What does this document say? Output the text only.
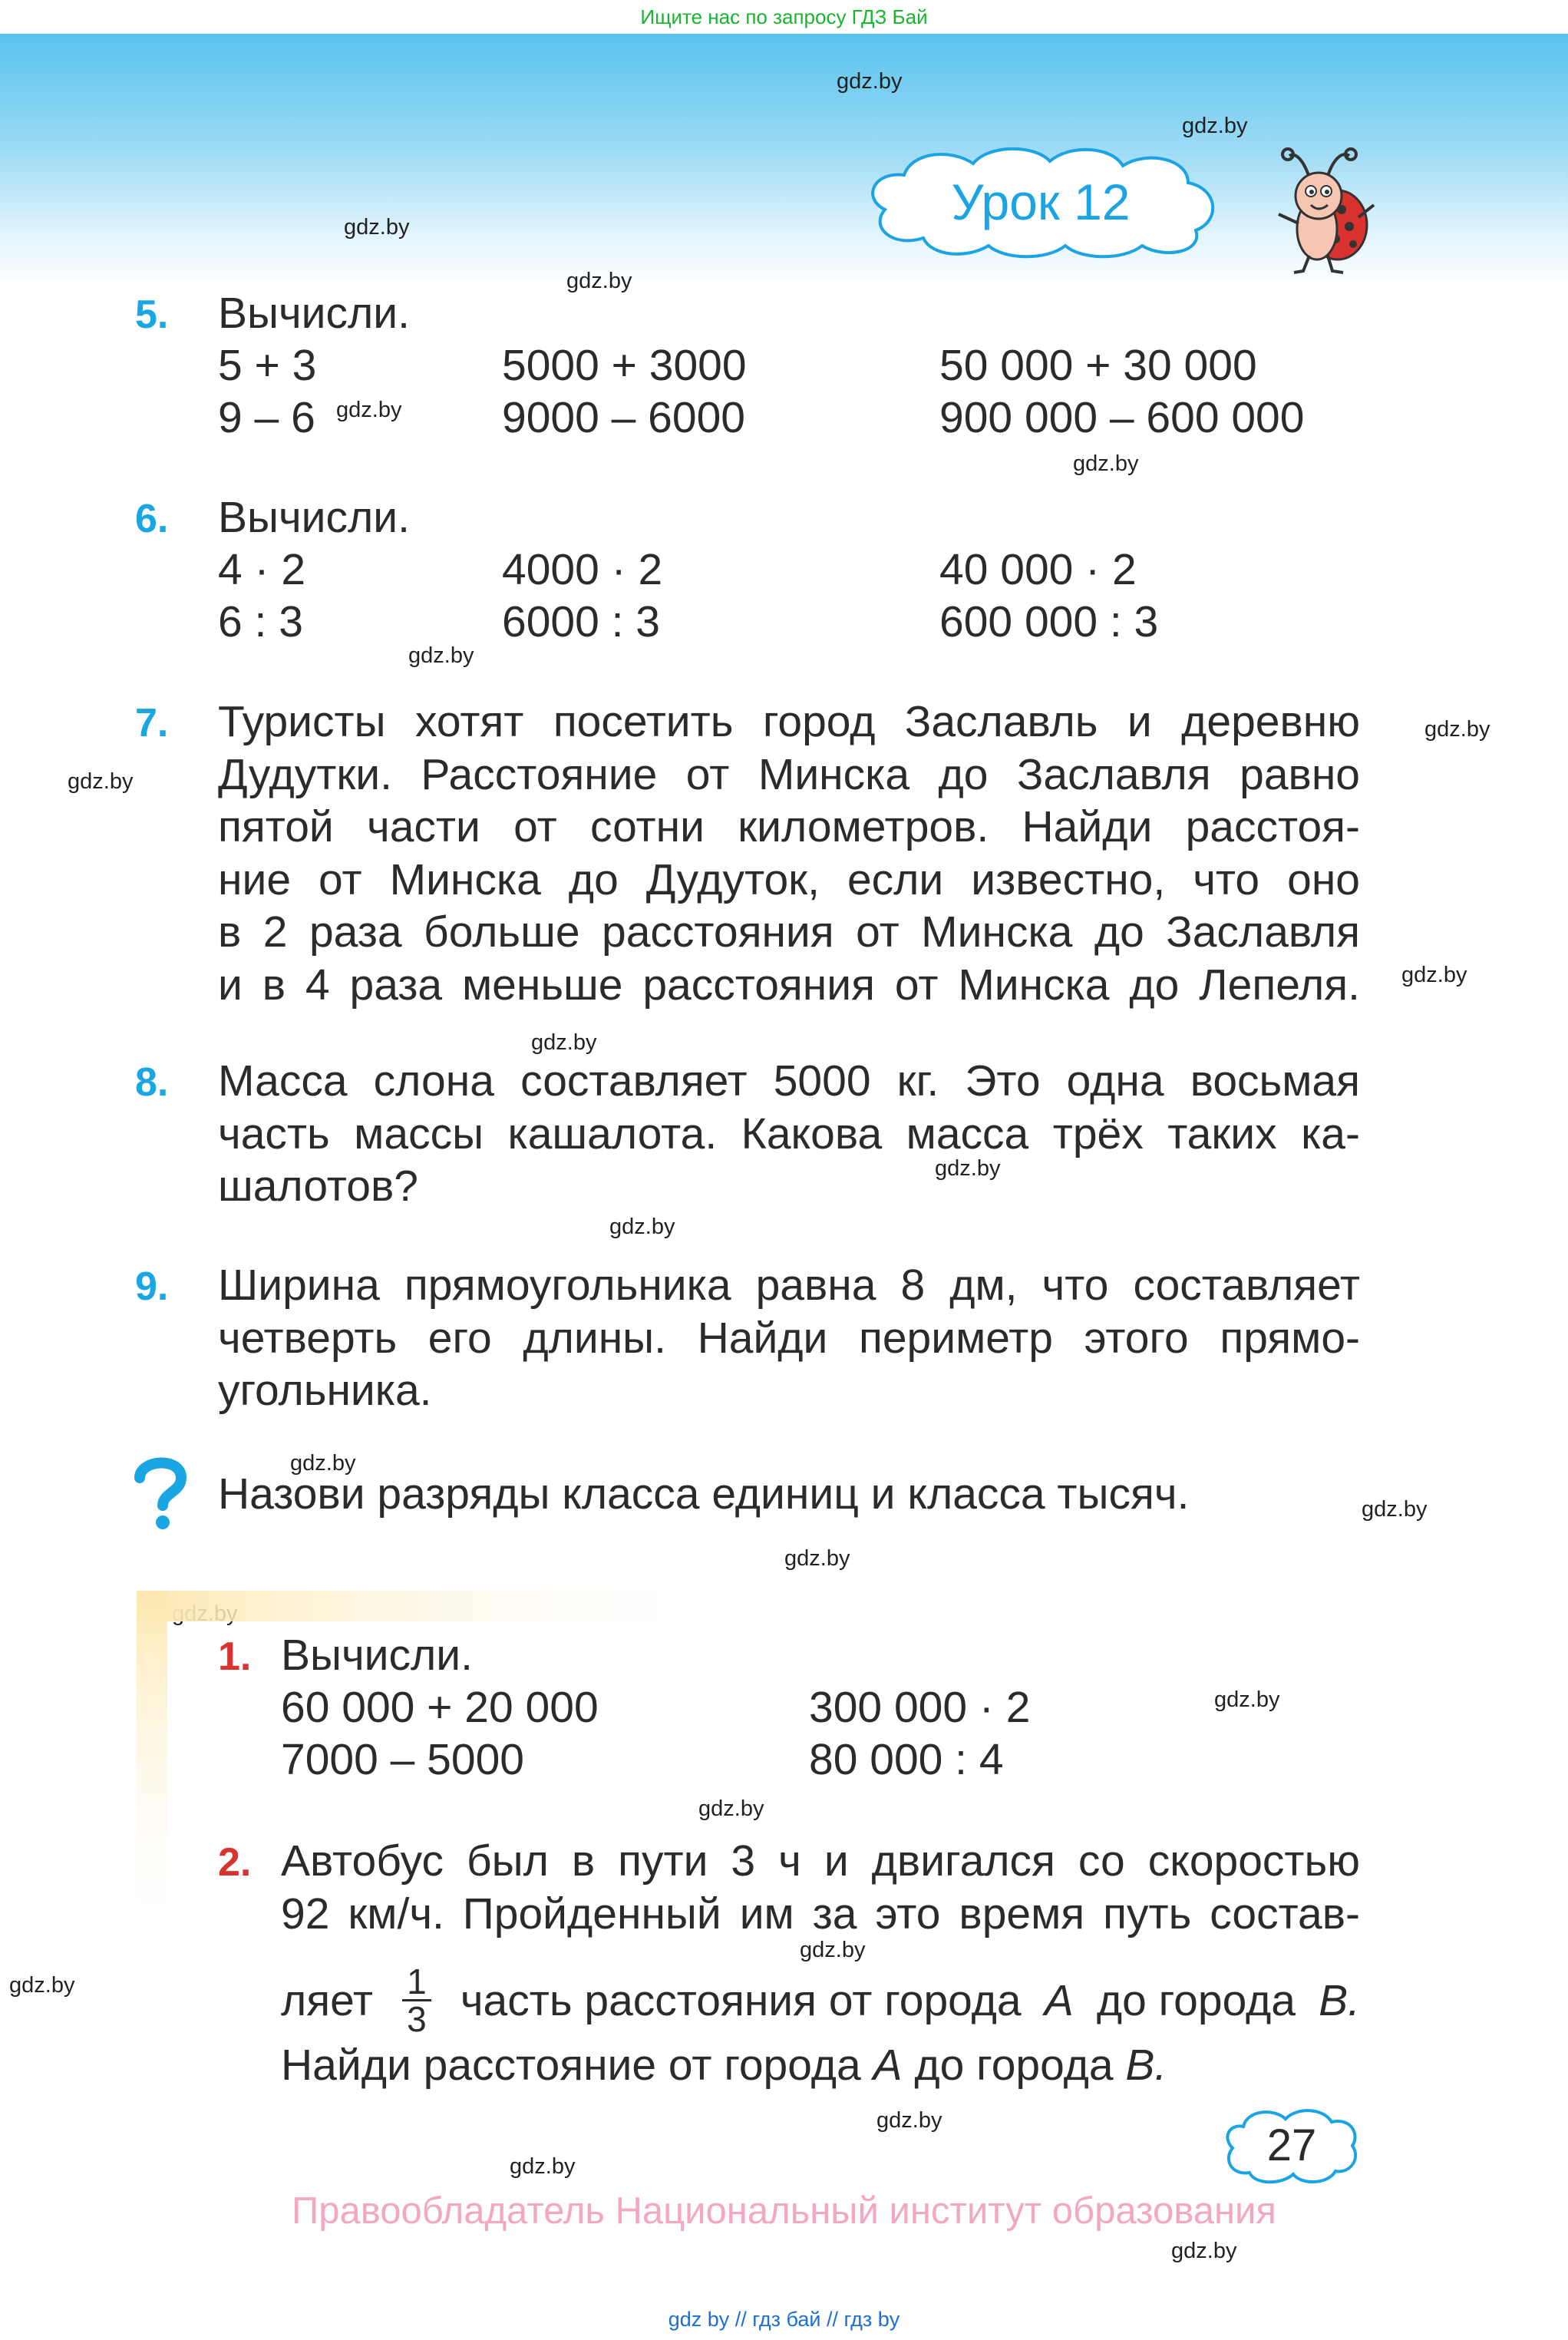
Ищите нас по запросу ГДЗ Бай
Урок 12
gdz.by
gdz.by
gdz.by
gdz.by
gdz.by
gdz.by
gdz.by
gdz.by
gdz.by
gdz.by
gdz.by
gdz.by
gdz.by
gdz.by
gdz.by
gdz.by
gdz.by
gdz.by
gdz.by
gdz.by
gdz.by
gdz.by
gdz.by
5. Вычисли.
5 + 3	5000 + 3000	50 000 + 30 000
9 – 6	9000 – 6000	900 000 – 600 000
6. Вычисли.
4 · 2	4000 · 2	40 000 · 2
6 : 3	6000 : 3	600 000 : 3
7. Туристы хотят посетить город Заславль и деревню
Дудутки. Расстояние от Минска до Заславля равно
пятой части от сотни километров. Найди расстоя-
ние от Минска до Дудуток, если известно, что оно
в 2 раза больше расстояния от Минска до Заславля
и в 4 раза меньше расстояния от Минска до Лепеля.
8. Масса слона составляет 5000 кг. Это одна восьмая
часть массы кашалота. Какова масса трёх таких ка-
шалотов?
9. Ширина прямоугольника равна 8 дм, что составляет
четверть его длины. Найди периметр этого прямо-
угольника.
Назови разряды класса единиц и класса тысяч.
1. Вычисли.
60 000 + 20 000	300 000 · 2
7000 – 5000	80 000 : 4
2. Автобус был в пути 3 ч и двигался со скоростью
92 км/ч. Пройденный им за это время путь состав-
ляет $\frac{1}{3}$ часть расстояния от города А до города В.
Найди расстояние от города А до города В.
27
Правообладатель Национальный институт образования
gdz by // гдз бай // гдз by
